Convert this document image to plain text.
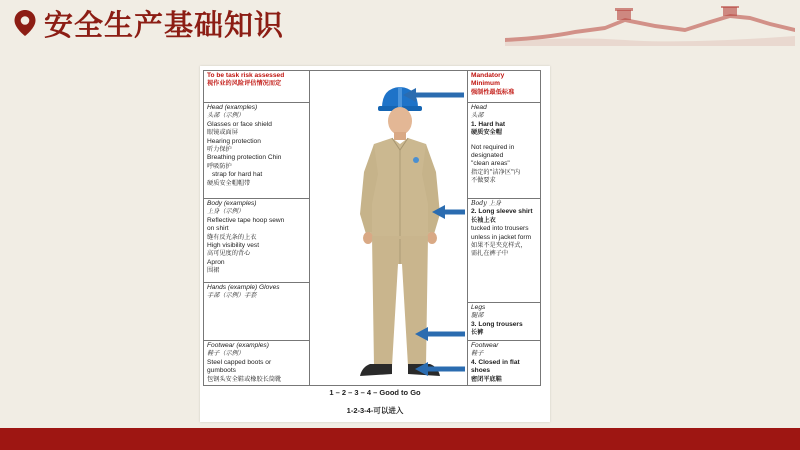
安全生产基础知识
To be task risk assessed
视作业的风险评估情况而定
Head (examples)
头部（示例）
Glasses or face shield
眼镜或面屏
Hearing protection
听力保护
Breathing protection Chin
呼吸防护
strap for hard hat
硬质安全帽帽带
Body (examples)
上身（示例）
Reflective tape hoop sewn
on shirt
缝有反光条的上衣
High visibility vest
高可见度的背心
Apron
围裙
Hands (example) Gloves
手部（示例）手套
Footwear (examples)
鞋子（示例）
Steel capped boots or
gumboots
包钢头安全鞋或橡胶长筒靴
Mandatory
Minimum
强制性最低标准
Head
头部
1. Hard hat
硬质安全帽
Not required in
designated
"clean areas"
指定的"洁净区"内
不做要求
Body 上身
2. Long sleeve shirt
长袖上衣
tucked into trousers
unless in jacket form
如果不是夹克样式，
需扎在裤子中
Legs
腿部
3. Long trousers
长裤
Footwear
鞋子
4. Closed in flat
shoes
密闭平底鞋
1 – 2 – 3 – 4 – Good to Go
1-2-3-4-可以进入
